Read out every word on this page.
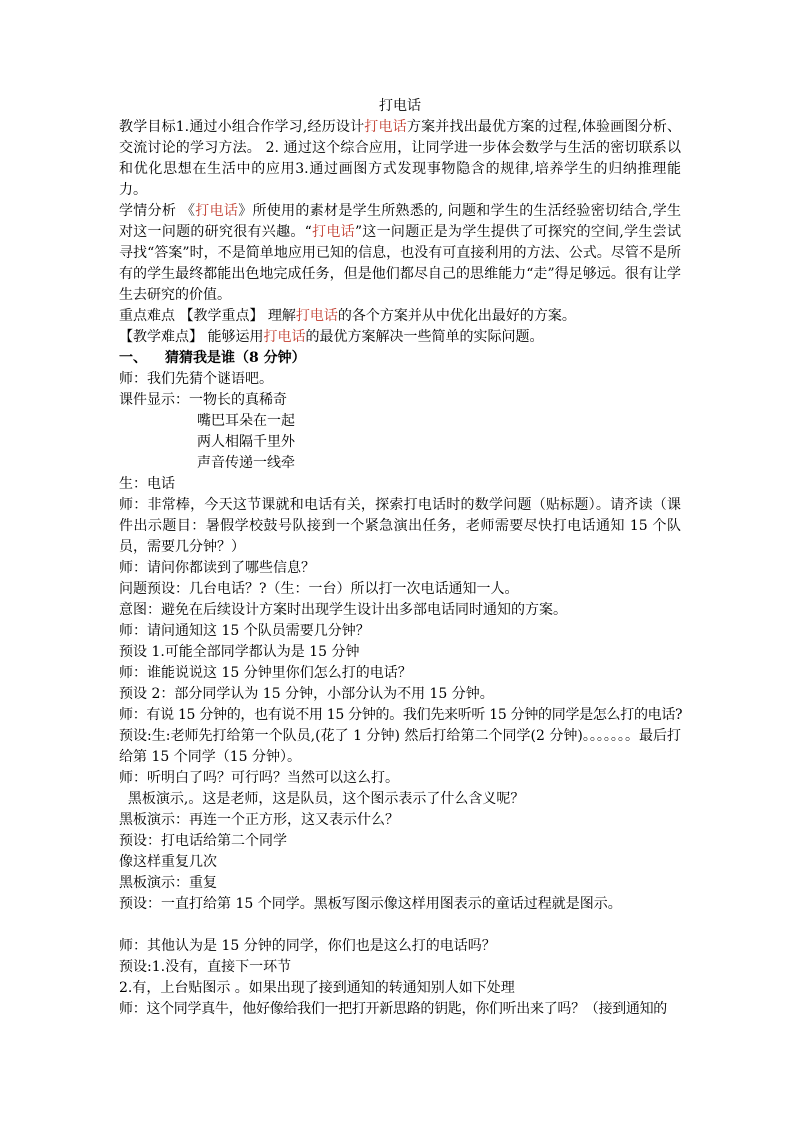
打电话

教学目标1.通过小组合作学习,经历设计打电话方案并找出最优方案的过程,体验画图分析、交流讨论的学习方法。 2. 通过这个综合应用，让同学进一步体会数学与生活的密切联系以和优化思想在生活中的应用3.通过画图方式发现事物隐含的规律,培养学生的归纳推理能力。

学情分析 《打电话》所使用的素材是学生所熟悉的, 问题和学生的生活经验密切结合,学生对这一问题的研究很有兴趣。“打电话”这一问题正是为学生提供了可探究的空间,学生尝试寻找“答案”时，不是简单地应用已知的信息，也没有可直接利用的方法、公式。尽管不是所有的学生最终都能出色地完成任务，但是他们都尽自己的思维能力“走”得足够远。很有让学生去研究的价值。

重点难点 【教学重点】 理解打电话的各个方案并从中优化出最好的方案。

【教学难点】 能够运用打电话的最优方案解决一些简单的实际问题。

一、 猜猜我是谁（8 分钟）

师：我们先猜个谜语吧。

课件显示：一物长的真稀奇

嘴巴耳朵在一起

两人相隔千里外

声音传递一线牵

生：电话

师：非常棒，今天这节课就和电话有关，探索打电话时的数学问题（贴标题）。请齐读（课件出示题目：暑假学校鼓号队接到一个紧急演出任务，老师需要尽快打电话通知 15 个队员，需要几分钟？）

师：请问你都读到了哪些信息？

问题预设：几台电话？?（生：一台）所以打一次电话通知一人。

意图：避免在后续设计方案时出现学生设计出多部电话同时通知的方案。

师：请问通知这 15 个队员需要几分钟？

预设 1.可能全部同学都认为是 15 分钟

师：谁能说说这 15 分钟里你们怎么打的电话？

预设 2：部分同学认为 15 分钟，小部分认为不用 15 分钟。

师：有说 15 分钟的，也有说不用 15 分钟的。我们先来听听 15 分钟的同学是怎么打的电话?

预设:生:老师先打给第一个队员,(花了 1 分钟) 然后打给第二个同学(2 分钟)。。。。。。。最后打给第 15 个同学（15 分钟）。

师：听明白了吗？可行吗？当然可以这么打。

黑板演示,。这是老师，这是队员，这个图示表示了什么含义呢？

黑板演示：再连一个正方形，这又表示什么？

预设：打电话给第二个同学

像这样重复几次

黑板演示：重复

预设：一直打给第 15 个同学。黑板写图示像这样用图表示的童话过程就是图示。

师：其他认为是 15 分钟的同学，你们也是这么打的电话吗？

预设:1.没有，直接下一环节

2.有，上台贴图示 。如果出现了接到通知的转通知别人如下处理

师：这个同学真牛，他好像给我们一把打开新思路的钥匙，你们听出来了吗？（接到通知的
